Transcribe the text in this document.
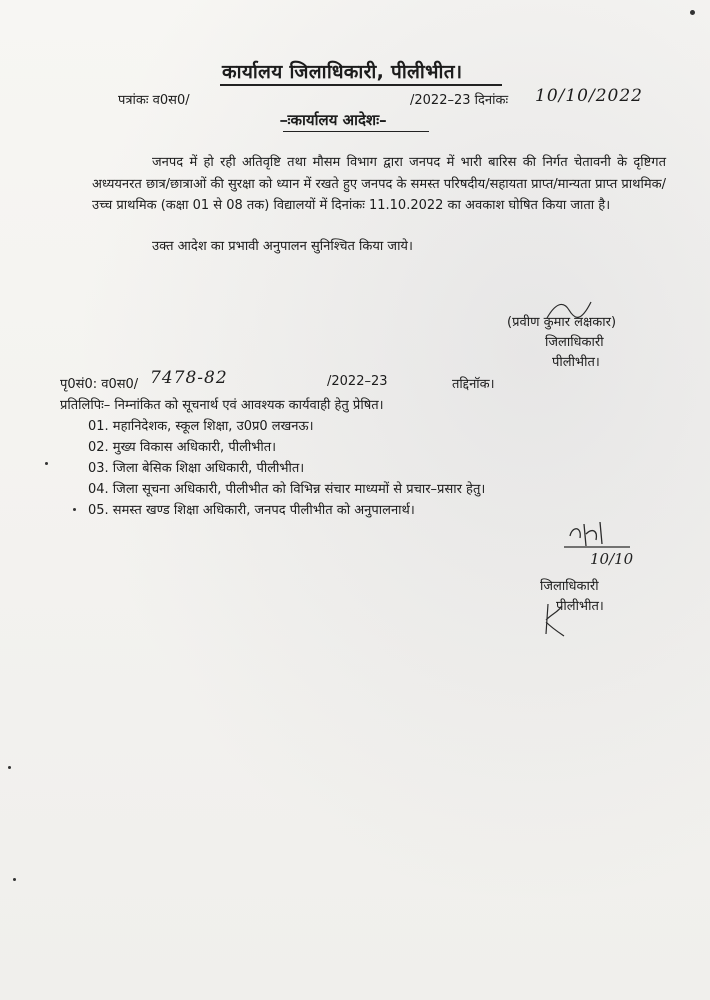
कार्यालय जिलाधिकारी, पीलीभीत।
पत्रांकः व0स0/	/2022–23 दिनांकः 10/10/2022
–ःकार्यालय आदेशः–
जनपद में हो रही अतिवृष्टि तथा मौसम विभाग द्वारा जनपद में भारी बारिस की निर्गत चेतावनी के दृष्टिगत अध्ययनरत छात्र/छात्राओं की सुरक्षा को ध्यान में रखते हुए जनपद के समस्त परिषदीय/सहायता प्राप्त/मान्यता प्राप्त प्राथमिक/उच्च प्राथमिक (कक्षा 01 से 08 तक) विद्यालयों में दिनांकः 11.10.2022 का अवकाश घोषित किया जाता है।
उक्त आदेश का प्रभावी अनुपालन सुनिश्चित किया जाये।
(प्रवीण कुमार लक्षकार)
जिलाधिकारी
पीलीभीत।
पृ0सं0: व0स0/ 7478-82	/2022–23	तद्दिनॉक।
प्रतिलिपिः– निम्नांकित को सूचनार्थ एवं आवश्यक कार्यवाही हेतु प्रेषित।
01. महानिदेशक, स्कूल शिक्षा, उ0प्र0 लखनऊ।
02. मुख्य विकास अधिकारी, पीलीभीत।
03. जिला बेसिक शिक्षा अधिकारी, पीलीभीत।
04. जिला सूचना अधिकारी, पीलीभीत को विभिन्न संचार माध्यमों से प्रचार–प्रसार हेतु।
05. समस्त खण्ड शिक्षा अधिकारी, जनपद पीलीभीत को अनुपालनार्थ।
10/10
जिलाधिकारी
पीलीभीत।
